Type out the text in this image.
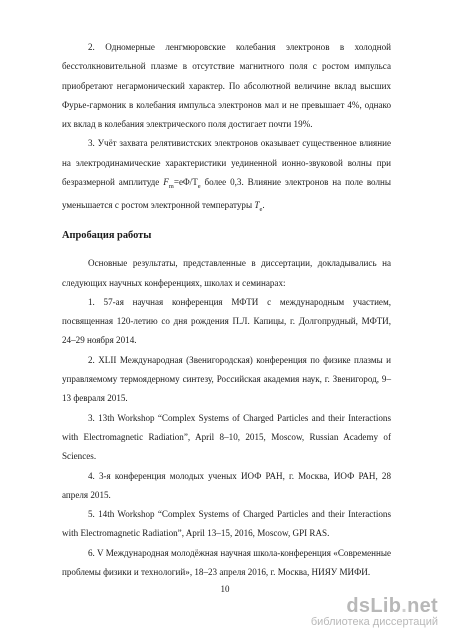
2. Одномерные ленгмюровские колебания электронов в холодной бесстолкновительной плазме в отсутствие магнитного поля с ростом импульса приобретают негармонический характер. По абсолютной величине вклад высших Фурье-гармоник в колебания импульса электронов мал и не превышает 4%, однако их вклад в колебания электрического поля достигает почти 19%.

3. Учёт захвата релятивистских электронов оказывает существенное влияние на электродинамические характеристики уединенной ионно-звуковой волны при безразмерной амплитуде $F_m=e\Phi/T_e$ более 0,3. Влияние электронов на поле волны уменьшается с ростом электронной температуры $T_e$.

Апробация работы

Основные результаты, представленные в диссертации, докладывались на следующих научных конференциях, школах и семинарах:

1. 57-ая научная конференция МФТИ с международным участием, посвященная 120-летию со дня рождения П.Л. Капицы, г. Долгопрудный, МФТИ, 24–29 ноября 2014.

2. XLII Международная (Звенигородская) конференция по физике плазмы и управляемому термоядерному синтезу, Российская академия наук, г. Звенигород, 9–13 февраля 2015.

3. 13th Workshop “Complex Systems of Charged Particles and their Interactions with Electromagnetic Radiation”, April 8–10, 2015, Moscow, Russian Academy of Sciences.

4. 3-я конференция молодых ученых ИОФ РАН, г. Москва, ИОФ РАН, 28 апреля 2015.

5. 14th Workshop “Complex Systems of Charged Particles and their Interactions with Electromagnetic Radiation”, April 13–15, 2016, Moscow, GPI RAS.

6. V Международная молодёжная научная школа-конференция «Современные проблемы физики и технологий», 18–23 апреля 2016, г. Москва, НИЯУ МИФИ.

10
dsLib.net
библиотека диссертаций
